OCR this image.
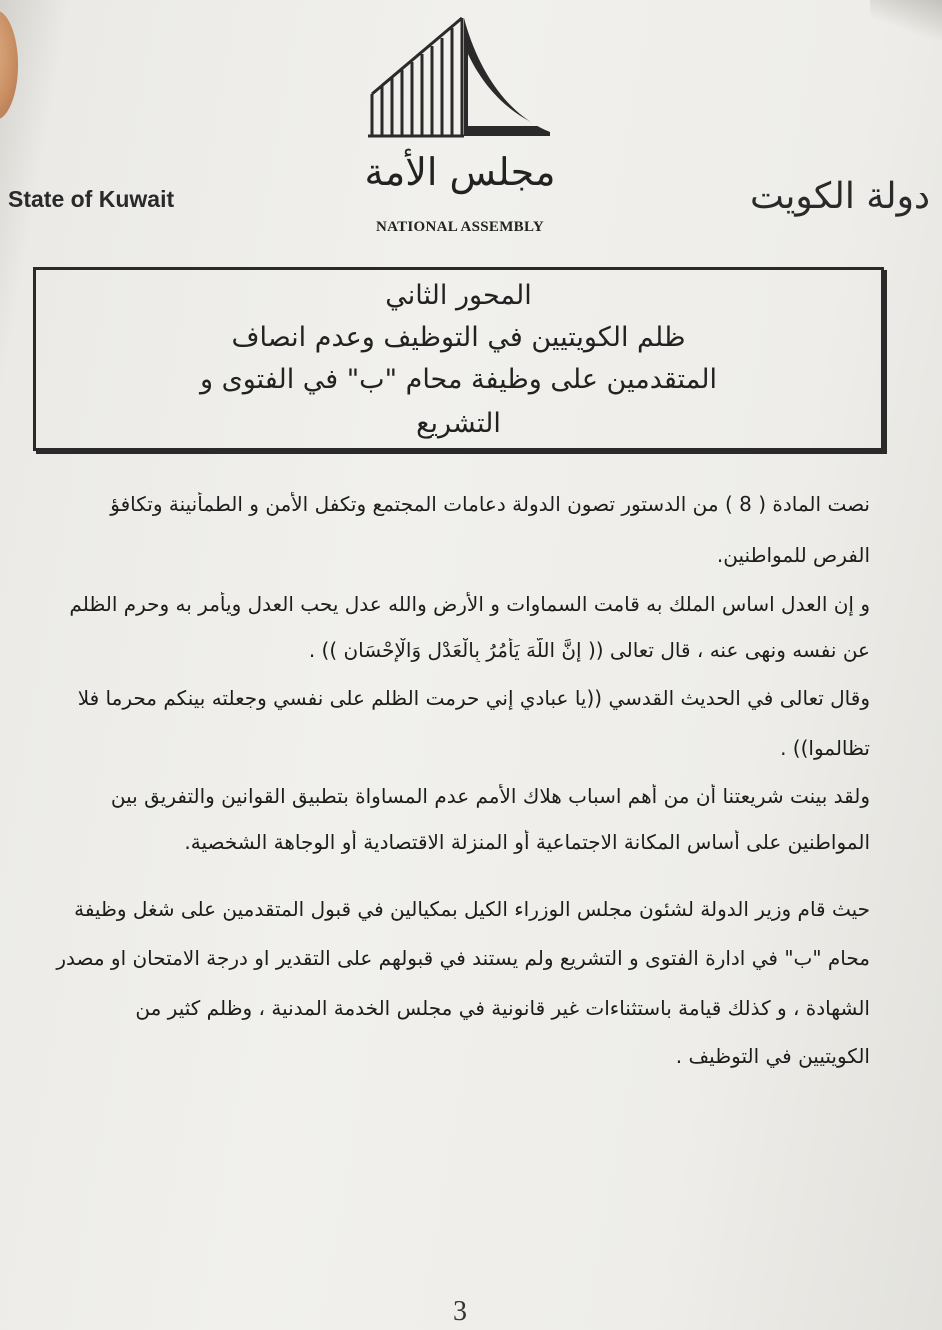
مجلس الأمة
NATIONAL ASSEMBLY
State of Kuwait	دولة الكويت
المحور الثاني
ظلم الكويتيين في التوظيف وعدم انصاف
المتقدمين على وظيفة محام "ب" في الفتوى و
التشريع
نصت المادة ( 8 ) من الدستور تصون الدولة دعامات المجتمع وتكفل الأمن و الطمأنينة وتكافؤ
الفرص للمواطنين.
و إن العدل اساس الملك به قامت السماوات و الأرض والله عدل يحب العدل ويأمر به وحرم الظلم
عن نفسه ونهى عنه ، قال تعالى (( إِنَّ اللَّهَ يَأْمُرُ بِالْعَدْلِ وَالْإِحْسَانِ )) .
وقال تعالى في الحديث القدسي ((يا عبادي إني حرمت الظلم على نفسي وجعلته بينكم محرما فلا
تظالموا)) .
ولقد بينت شريعتنا أن من أهم اسباب هلاك الأمم عدم المساواة بتطبيق القوانين والتفريق بين
المواطنين على أساس المكانة الاجتماعية أو المنزلة الاقتصادية أو الوجاهة الشخصية.
حيث قام وزير الدولة لشئون مجلس الوزراء الكيل بمكيالين في قبول المتقدمين على شغل وظيفة
محام "ب" في ادارة الفتوى و التشريع ولم يستند في قبولهم على التقدير او درجة الامتحان او مصدر
الشهادة ، و كذلك قيامة باستثناءات غير قانونية في مجلس الخدمة المدنية ، وظلم كثير من
الكويتيين في التوظيف .
3
